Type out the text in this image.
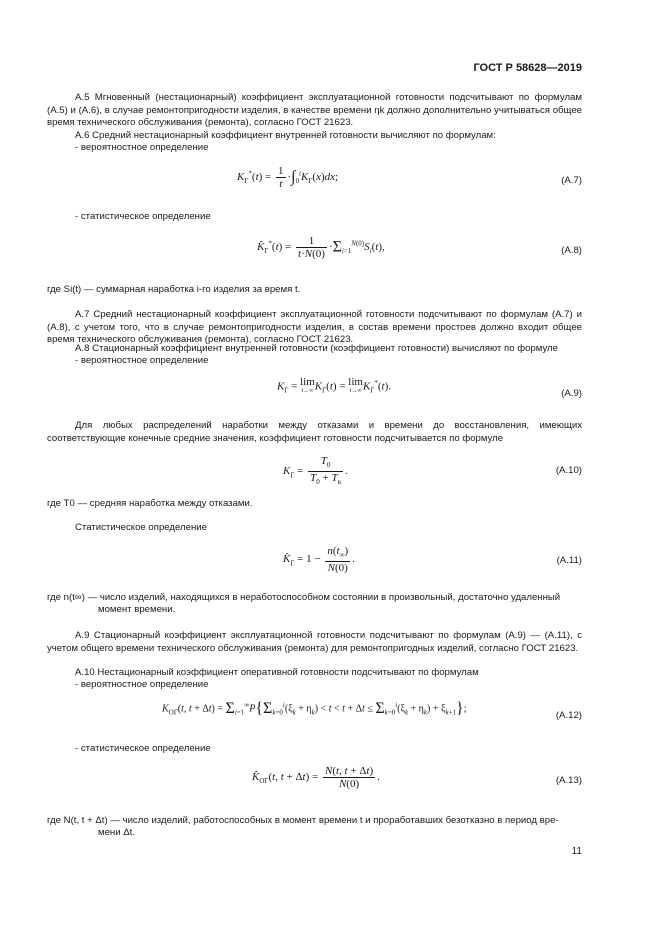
ГОСТ Р 58628—2019
А.5 Мгновенный (нестационарный) коэффициент эксплуатационной готовности подсчитывают по формулам (А.5) и (А.6), в случае ремонтопригодности изделия, в качестве времени ηk должно дополнительно учитываться общее время технического обслуживания (ремонта), согласно ГОСТ 21623.
А.6 Средний нестационарный коэффициент внутренней готовности вычисляют по формулам:
- вероятностное определение
$K_Г^*(t) = \frac{1}{t} \cdot\int_0^tK_Г(x)dx$;	(А.7)
- статистическое определение
$K̂_Г^*(t) = \frac{1}{t\cdot N(0)} \cdot\Sigma_{i=1}^{N(0)}S_i(t)$,	(А.8)
где Si(t) — суммарная наработка i-го изделия за время t.
А.7 Средний нестационарный коэффициент эксплуатационной готовности подсчитывают по формулам (А.7) и (А.8), с учетом того, что в случае ремонтопригодности изделия, в состав времени простоев должно входит общее время технического обслуживания (ремонта), согласно ГОСТ 21623.
А.8 Стационарный коэффициент внутренней готовности (коэффициент готовности) вычисляют по формуле
- вероятностное определение
$K_Г = \lim$
t→∞ $K_Г(t) = \lim$
t→∞ $K_Г^*(t)$.
(А.9)
Для любых распределений наработки между отказами и времени до восстановления, имеющих соответствующие конечные средние значения, коэффициент готовности подсчитывается по формуле
$K_Г = \frac{T_0}{T_0 + T_в}$ .	(А.10)
где T0 — средняя наработка между отказами.
Статистическое определение
$K̂_Г = 1 - \frac{n(t_\infty)}{N(0)}$ .	(А.11)
где n(t∞) — число изделий, находящихся в неработоспособном состоянии в произвольный, достаточно удаленный
момент времени.
А.9 Стационарный коэффициент эксплуатационной готовности подсчитывают по формулам (А.9) — (А.11), с учетом общего времени технического обслуживания (ремонта) для ремонтопригодных изделий, согласно ГОСТ 21623.
А.10 Нестационарный коэффициент оперативной готовности подсчитывают по формулам
- вероятностное определение
$K_{ОГ}(t$, $t + \Delta t) = \Sigma_{i=1}^\infty P\{\Sigma_{k=0}^i(\xi_k + \eta_k) < t < t + \Delta t \le \Sigma_{k=0}^i(\xi_k + \eta_k) + \xi_{k+1}\}$;
(А.12)
- статистическое определение
$K̂_{ОГ}(t$, $t + \Delta t) = \frac{N(t, t + \Delta t)}{N(0)}$ .	(А.13)
где N(t, t + Δt) — число изделий, работоспособных в момент времени t и проработавших безотказно в период вре-
мени Δt.
11
